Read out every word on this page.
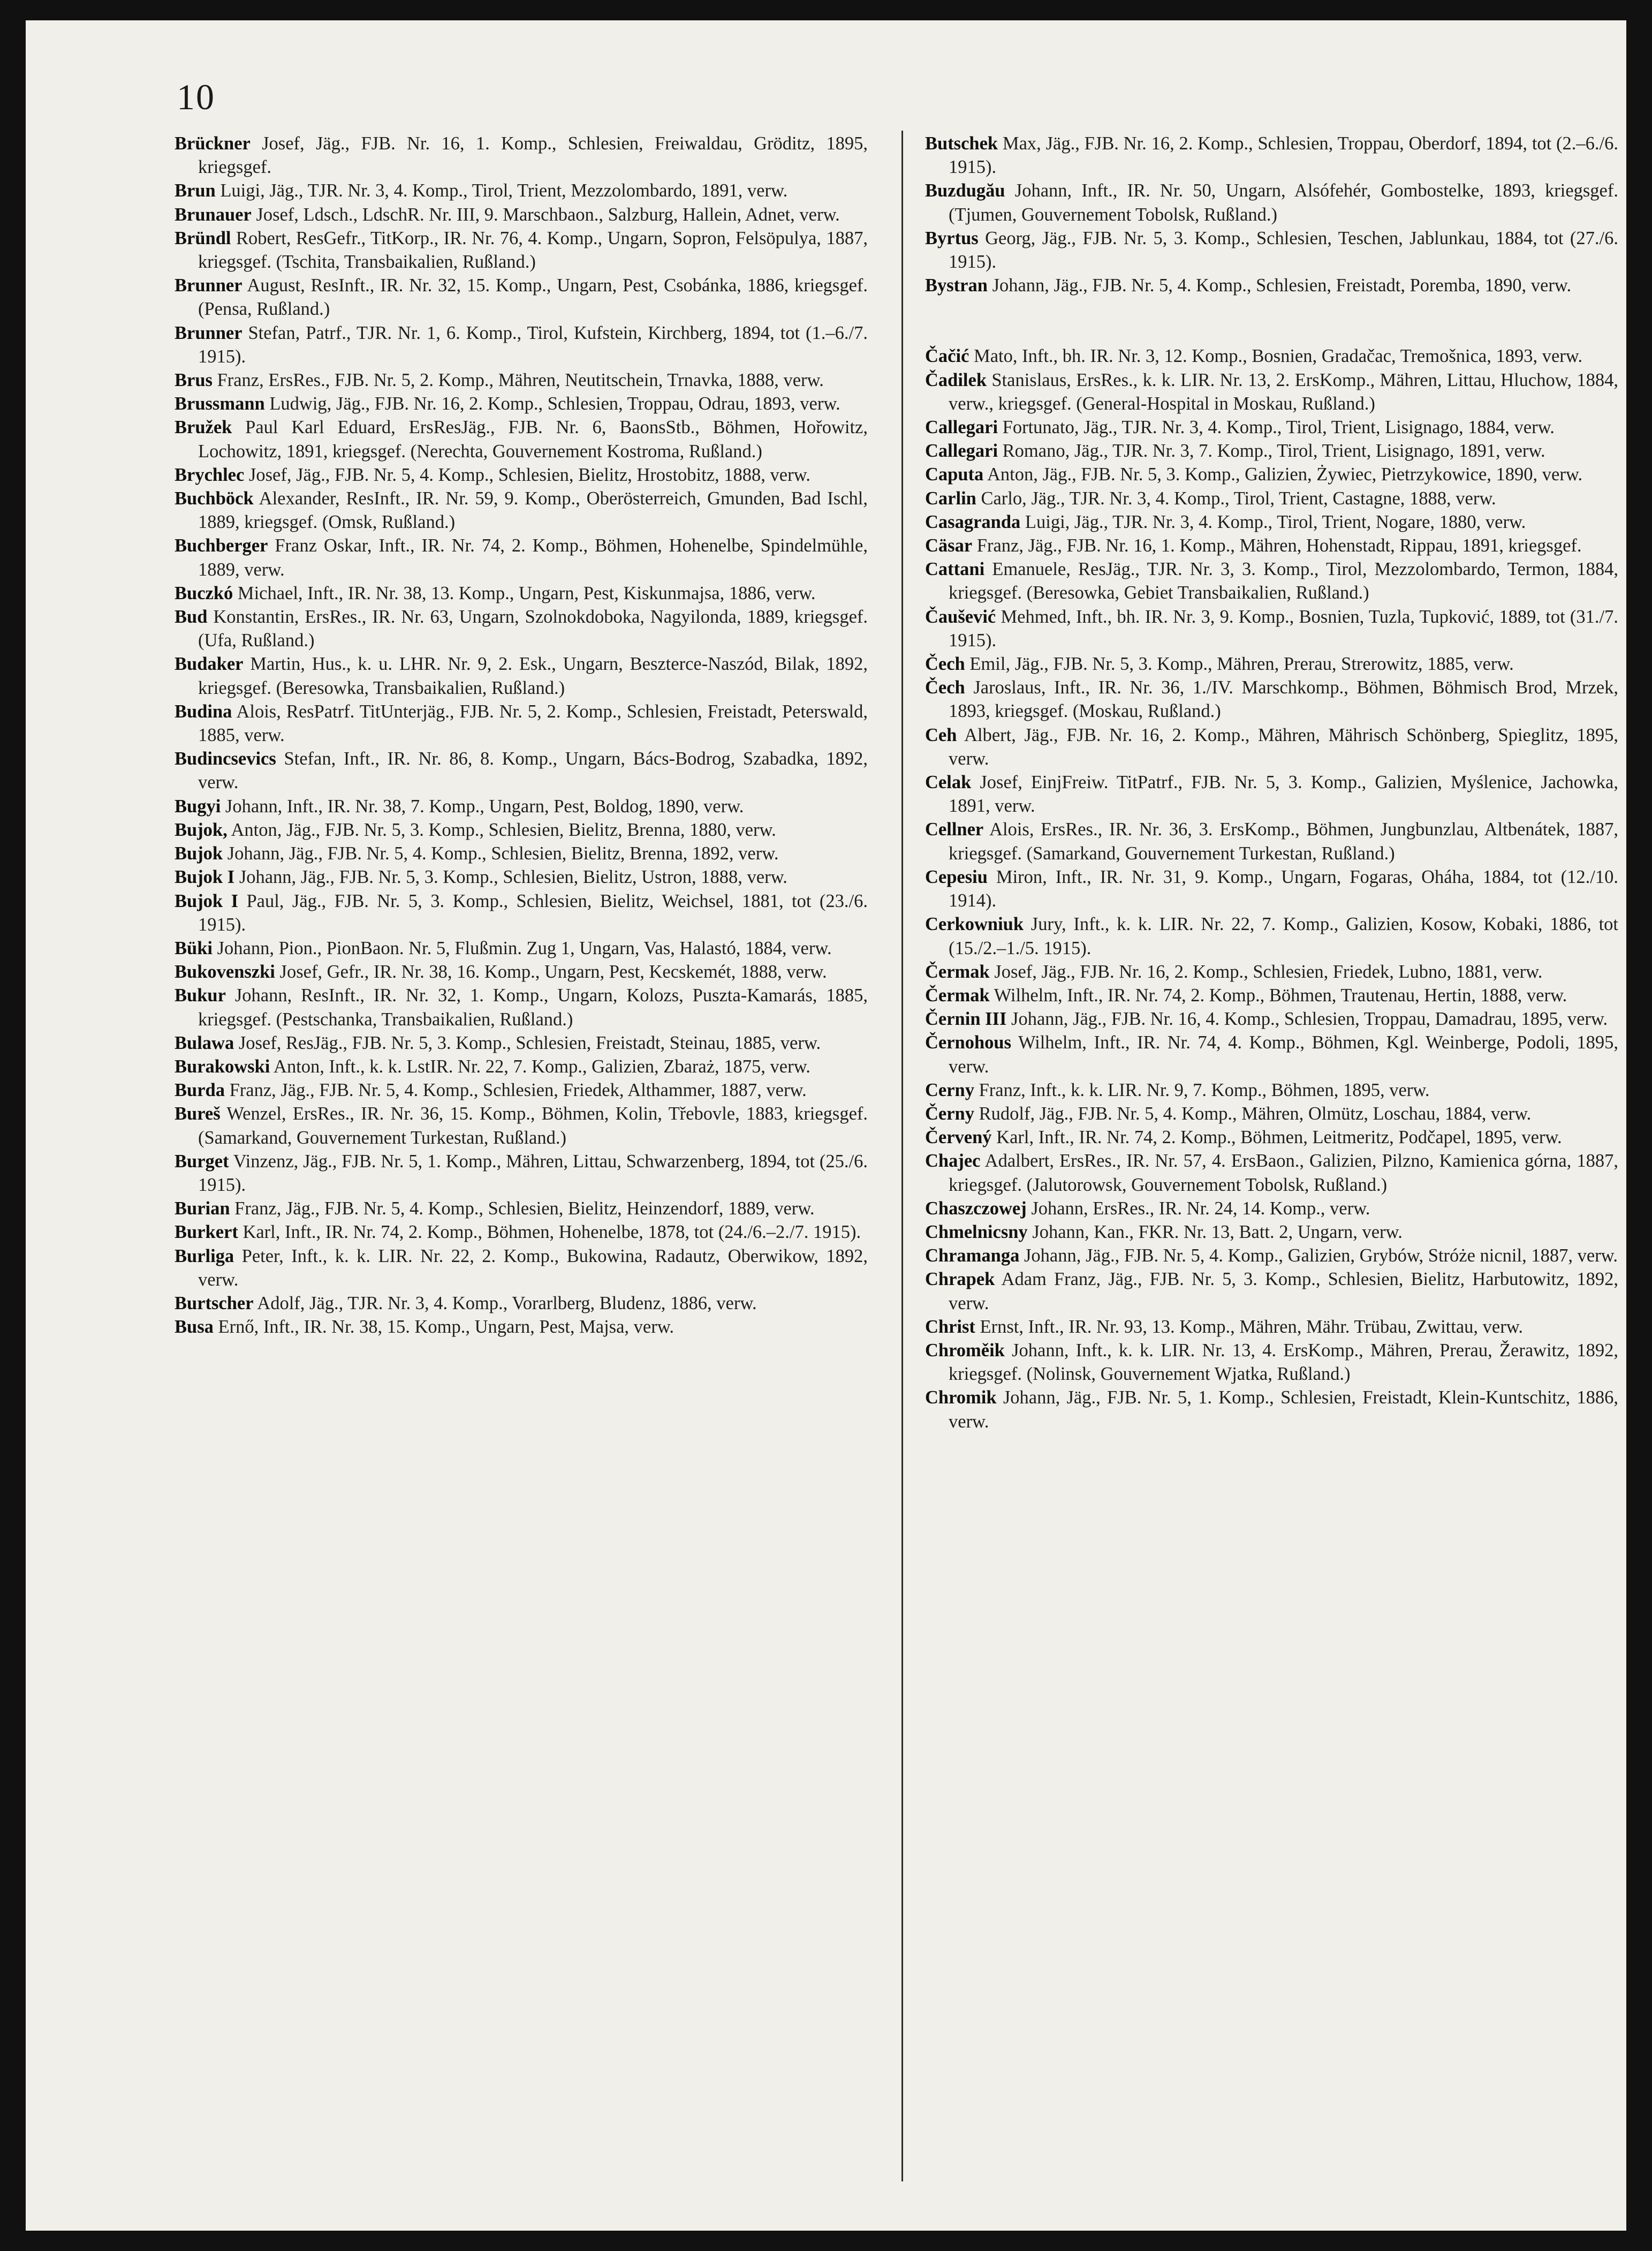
10
Brückner Josef, Jäg., FJB. Nr. 16, 1. Komp., Schlesien, Freiwaldau, Gröditz, 1895, kriegsgef.
Brun Luigi, Jäg., TJR. Nr. 3, 4. Komp., Tirol, Trient, Mezzolombardo, 1891, verw.
Brunauer Josef, Ldsch., LdschR. Nr. III, 9. Marschbaon., Salzburg, Hallein, Adnet, verw.
Bründl Robert, ResGefr., TitKorp., IR. Nr. 76, 4. Komp., Ungarn, Sopron, Felsöpulya, 1887, kriegsgef. (Tschita, Transbaikalien, Rußland.)
Brunner August, ResInft., IR. Nr. 32, 15. Komp., Ungarn, Pest, Csobánka, 1886, kriegsgef. (Pensa, Rußland.)
Brunner Stefan, Patrf., TJR. Nr. 1, 6. Komp., Tirol, Kufstein, Kirchberg, 1894, tot (1.–6./7. 1915).
Brus Franz, ErsRes., FJB. Nr. 5, 2. Komp., Mähren, Neutitschein, Trnavka, 1888, verw.
Brussmann Ludwig, Jäg., FJB. Nr. 16, 2. Komp., Schlesien, Troppau, Odrau, 1893, verw.
Bružek Paul Karl Eduard, ErsResJäg., FJB. Nr. 6, BaonsStb., Böhmen, Hořowitz, Lochowitz, 1891, kriegsgef. (Nerechta, Gouvernement Kostroma, Rußland.)
Brychlec Josef, Jäg., FJB. Nr. 5, 4. Komp., Schlesien, Bielitz, Hrostobitz, 1888, verw.
Buchböck Alexander, ResInft., IR. Nr. 59, 9. Komp., Oberösterreich, Gmunden, Bad Ischl, 1889, kriegsgef. (Omsk, Rußland.)
Buchberger Franz Oskar, Inft., IR. Nr. 74, 2. Komp., Böhmen, Hohenelbe, Spindelmühle, 1889, verw.
Buczkó Michael, Inft., IR. Nr. 38, 13. Komp., Ungarn, Pest, Kiskunmajsa, 1886, verw.
Bud Konstantin, ErsRes., IR. Nr. 63, Ungarn, Szolnokdoboka, Nagyilonda, 1889, kriegsgef. (Ufa, Rußland.)
Budaker Martin, Hus., k. u. LHR. Nr. 9, 2. Esk., Ungarn, Beszterce-Naszód, Bilak, 1892, kriegsgef. (Beresowka, Transbaikalien, Rußland.)
Budina Alois, ResPatrf. TitUnterjäg., FJB. Nr. 5, 2. Komp., Schlesien, Freistadt, Peterswald, 1885, verw.
Budincsevics Stefan, Inft., IR. Nr. 86, 8. Komp., Ungarn, Bács-Bodrog, Szabadka, 1892, verw.
Bugyi Johann, Inft., IR. Nr. 38, 7. Komp., Ungarn, Pest, Boldog, 1890, verw.
Bujok, Anton, Jäg., FJB. Nr. 5, 3. Komp., Schlesien, Bielitz, Brenna, 1880, verw.
Bujok Johann, Jäg., FJB. Nr. 5, 4. Komp., Schlesien, Bielitz, Brenna, 1892, verw.
Bujok I Johann, Jäg., FJB. Nr. 5, 3. Komp., Schlesien, Bielitz, Ustron, 1888, verw.
Bujok I Paul, Jäg., FJB. Nr. 5, 3. Komp., Schlesien, Bielitz, Weichsel, 1881, tot (23./6. 1915).
Büki Johann, Pion., PionBaon. Nr. 5, Flußmin. Zug 1, Ungarn, Vas, Halastó, 1884, verw.
Bukovenszki Josef, Gefr., IR. Nr. 38, 16. Komp., Ungarn, Pest, Kecskemét, 1888, verw.
Bukur Johann, ResInft., IR. Nr. 32, 1. Komp., Ungarn, Kolozs, Puszta-Kamarás, 1885, kriegsgef. (Pestschanka, Transbaikalien, Rußland.)
Bulawa Josef, ResJäg., FJB. Nr. 5, 3. Komp., Schlesien, Freistadt, Steinau, 1885, verw.
Burakowski Anton, Inft., k. k. LstIR. Nr. 22, 7. Komp., Galizien, Zbaraż, 1875, verw.
Burda Franz, Jäg., FJB. Nr. 5, 4. Komp., Schlesien, Friedek, Althammer, 1887, verw.
Bureš Wenzel, ErsRes., IR. Nr. 36, 15. Komp., Böhmen, Kolin, Třebovle, 1883, kriegsgef. (Samarkand, Gouvernement Turkestan, Rußland.)
Burget Vinzenz, Jäg., FJB. Nr. 5, 1. Komp., Mähren, Littau, Schwarzenberg, 1894, tot (25./6. 1915).
Burian Franz, Jäg., FJB. Nr. 5, 4. Komp., Schlesien, Bielitz, Heinzendorf, 1889, verw.
Burkert Karl, Inft., IR. Nr. 74, 2. Komp., Böhmen, Hohenelbe, 1878, tot (24./6.–2./7. 1915).
Burliga Peter, Inft., k. k. LIR. Nr. 22, 2. Komp., Bukowina, Radautz, Oberwikow, 1892, verw.
Burtscher Adolf, Jäg., TJR. Nr. 3, 4. Komp., Vorarlberg, Bludenz, 1886, verw.
Busa Ernő, Inft., IR. Nr. 38, 15. Komp., Ungarn, Pest, Majsa, verw.
Butschek Max, Jäg., FJB. Nr. 16, 2. Komp., Schlesien, Troppau, Oberdorf, 1894, tot (2.–6./6. 1915).
Buzdugău Johann, Inft., IR. Nr. 50, Ungarn, Alsófehér, Gombostelke, 1893, kriegsgef. (Tjumen, Gouvernement Tobolsk, Rußland.)
Byrtus Georg, Jäg., FJB. Nr. 5, 3. Komp., Schlesien, Teschen, Jablunkau, 1884, tot (27./6. 1915).
Bystran Johann, Jäg., FJB. Nr. 5, 4. Komp., Schlesien, Freistadt, Poremba, 1890, verw.
Čačić Mato, Inft., bh. IR. Nr. 3, 12. Komp., Bosnien, Gradačac, Tremošnica, 1893, verw.
Čadilek Stanislaus, ErsRes., k. k. LIR. Nr. 13, 2. ErsKomp., Mähren, Littau, Hluchow, 1884, verw., kriegsgef. (General-Hospital in Moskau, Rußland.)
Callegari Fortunato, Jäg., TJR. Nr. 3, 4. Komp., Tirol, Trient, Lisignago, 1884, verw.
Callegari Romano, Jäg., TJR. Nr. 3, 7. Komp., Tirol, Trient, Lisignago, 1891, verw.
Caputa Anton, Jäg., FJB. Nr. 5, 3. Komp., Galizien, Żywiec, Pietrzykowice, 1890, verw.
Carlin Carlo, Jäg., TJR. Nr. 3, 4. Komp., Tirol, Trient, Castagne, 1888, verw.
Casagranda Luigi, Jäg., TJR. Nr. 3, 4. Komp., Tirol, Trient, Nogare, 1880, verw.
Cäsar Franz, Jäg., FJB. Nr. 16, 1. Komp., Mähren, Hohenstadt, Rippau, 1891, kriegsgef.
Cattani Emanuele, ResJäg., TJR. Nr. 3, 3. Komp., Tirol, Mezzolombardo, Termon, 1884, kriegsgef. (Beresowka, Gebiet Transbaikalien, Rußland.)
Čaušević Mehmed, Inft., bh. IR. Nr. 3, 9. Komp., Bosnien, Tuzla, Tupković, 1889, tot (31./7. 1915).
Čech Emil, Jäg., FJB. Nr. 5, 3. Komp., Mähren, Prerau, Strerowitz, 1885, verw.
Čech Jaroslaus, Inft., IR. Nr. 36, 1./IV. Marschkomp., Böhmen, Böhmisch Brod, Mrzek, 1893, kriegsgef. (Moskau, Rußland.)
Ceh Albert, Jäg., FJB. Nr. 16, 2. Komp., Mähren, Mährisch Schönberg, Spieglitz, 1895, verw.
Celak Josef, EinjFreiw. TitPatrf., FJB. Nr. 5, 3. Komp., Galizien, Myślenice, Jachowka, 1891, verw.
Cellner Alois, ErsRes., IR. Nr. 36, 3. ErsKomp., Böhmen, Jungbunzlau, Altbenátek, 1887, kriegsgef. (Samarkand, Gouvernement Turkestan, Rußland.)
Cepesiu Miron, Inft., IR. Nr. 31, 9. Komp., Ungarn, Fogaras, Oháha, 1884, tot (12./10. 1914).
Cerkowniuk Jury, Inft., k. k. LIR. Nr. 22, 7. Komp., Galizien, Kosow, Kobaki, 1886, tot (15./2.–1./5. 1915).
Čermak Josef, Jäg., FJB. Nr. 16, 2. Komp., Schlesien, Friedek, Lubno, 1881, verw.
Čermak Wilhelm, Inft., IR. Nr. 74, 2. Komp., Böhmen, Trautenau, Hertin, 1888, verw.
Černin III Johann, Jäg., FJB. Nr. 16, 4. Komp., Schlesien, Troppau, Damadrau, 1895, verw.
Černohous Wilhelm, Inft., IR. Nr. 74, 4. Komp., Böhmen, Kgl. Weinberge, Podoli, 1895, verw.
Cerny Franz, Inft., k. k. LIR. Nr. 9, 7. Komp., Böhmen, 1895, verw.
Černy Rudolf, Jäg., FJB. Nr. 5, 4. Komp., Mähren, Olmütz, Loschau, 1884, verw.
Červený Karl, Inft., IR. Nr. 74, 2. Komp., Böhmen, Leitmeritz, Podčapel, 1895, verw.
Chajec Adalbert, ErsRes., IR. Nr. 57, 4. ErsBaon., Galizien, Pilzno, Kamienica górna, 1887, kriegsgef. (Jalutorowsk, Gouvernement Tobolsk, Rußland.)
Chaszczowej Johann, ErsRes., IR. Nr. 24, 14. Komp., verw.
Chmelnicsny Johann, Kan., FKR. Nr. 13, Batt. 2, Ungarn, verw.
Chramanga Johann, Jäg., FJB. Nr. 5, 4. Komp., Galizien, Grybów, Stróże nicnil, 1887, verw.
Chrapek Adam Franz, Jäg., FJB. Nr. 5, 3. Komp., Schlesien, Bielitz, Harbutowitz, 1892, verw.
Christ Ernst, Inft., IR. Nr. 93, 13. Komp., Mähren, Mähr. Trübau, Zwittau, verw.
Chroměik Johann, Inft., k. k. LIR. Nr. 13, 4. ErsKomp., Mähren, Prerau, Žerawitz, 1892, kriegsgef. (Nolinsk, Gouvernement Wjatka, Rußland.)
Chromik Johann, Jäg., FJB. Nr. 5, 1. Komp., Schlesien, Freistadt, Klein-Kuntschitz, 1886, verw.
